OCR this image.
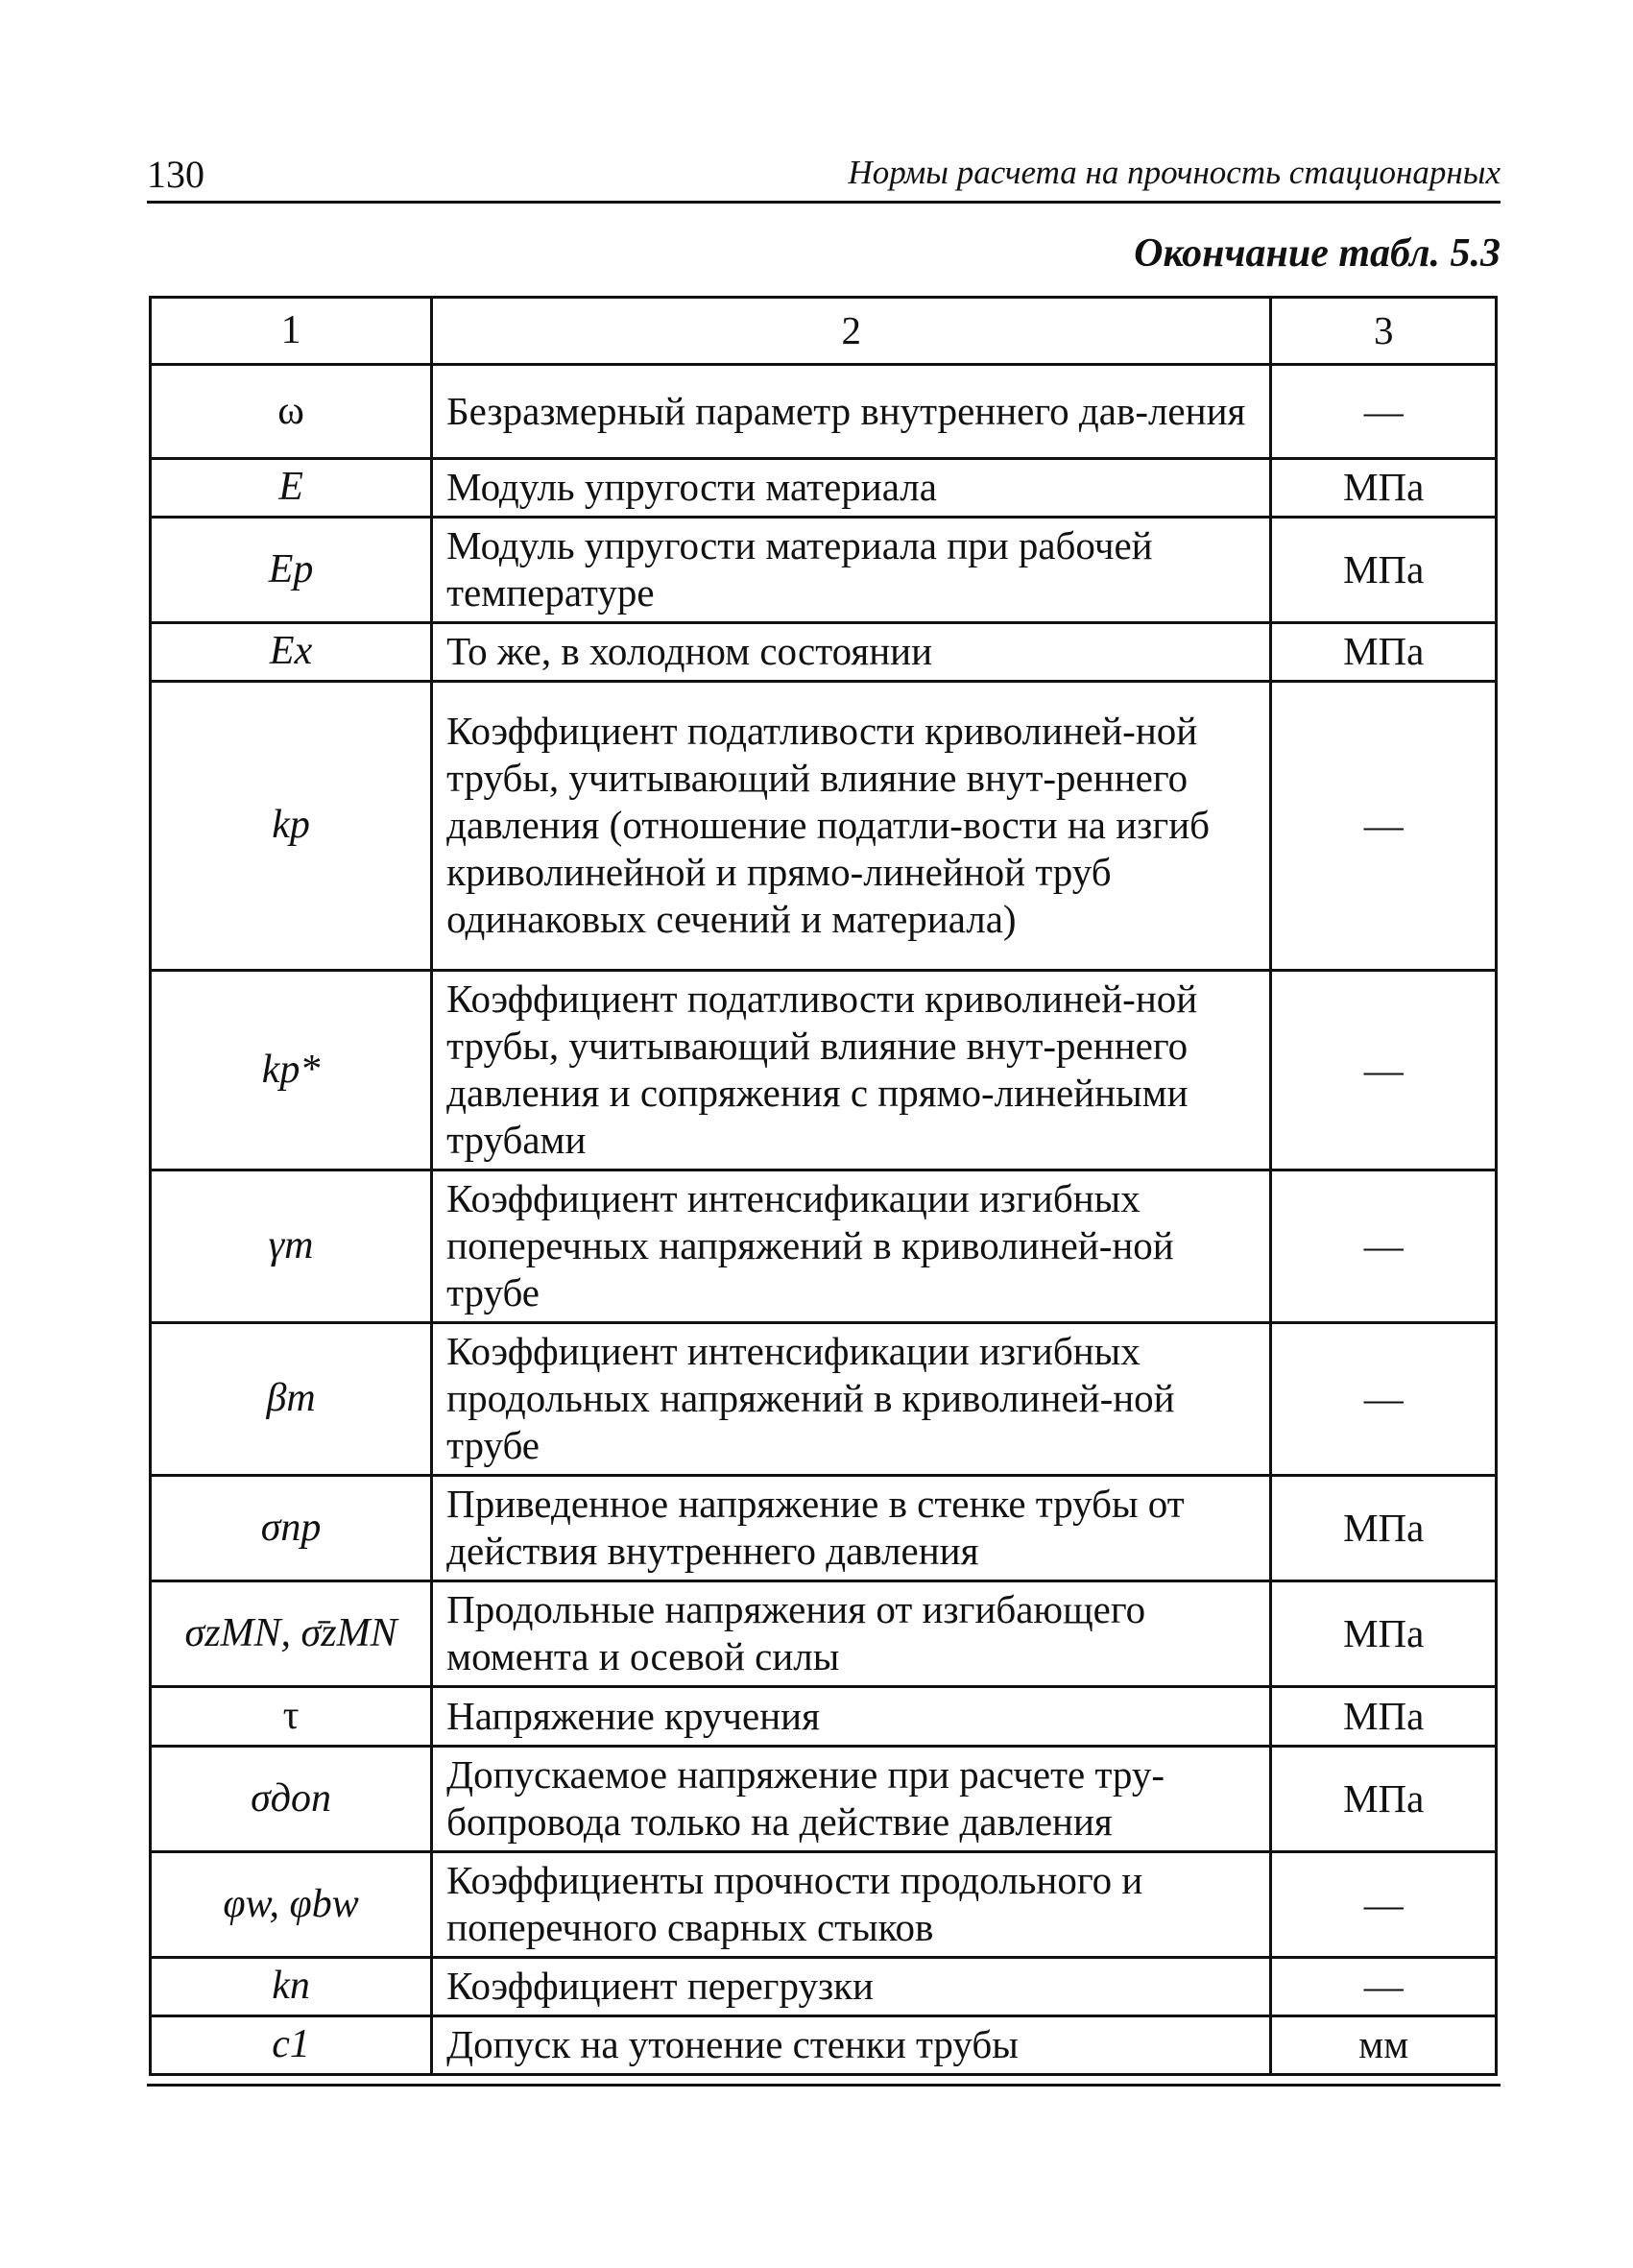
130	Нормы расчета на прочность стационарных
Окончание табл. 5.3
1	2	3
ω	Безразмерный параметр внутреннего дав-ления	—
E	Модуль упругости материала	МПа
Eр	Модуль упругости материала при рабочей температуре	МПа
Eх	То же, в холодном состоянии	МПа
kp	Коэффициент податливости криволиней-ной трубы, учитывающий влияние внут-реннего давления (отношение податли-вости на изгиб криволинейной и прямо-линейной труб одинаковых сечений и материала)	—
kp*	Коэффициент податливости криволиней-ной трубы, учитывающий влияние внут-реннего давления и сопряжения с прямо-линейными трубами	—
γm	Коэффициент интенсификации изгибных поперечных напряжений в криволиней-ной трубе	—
βm	Коэффициент интенсификации изгибных продольных напряжений в криволиней-ной трубе	—
σпр	Приведенное напряжение в стенке трубы от действия внутреннего давления	МПа
σzMN, σ̄zMN	Продольные напряжения от изгибающего момента и осевой силы	МПа
τ	Напряжение кручения	МПа
σдоп	Допускаемое напряжение при расчете тру-бопровода только на действие давления	МПа
φw, φbw	Коэффициенты прочности продольного и поперечного сварных стыков	—
kп	Коэффициент перегрузки	—
c1	Допуск на утонение стенки трубы	мм
